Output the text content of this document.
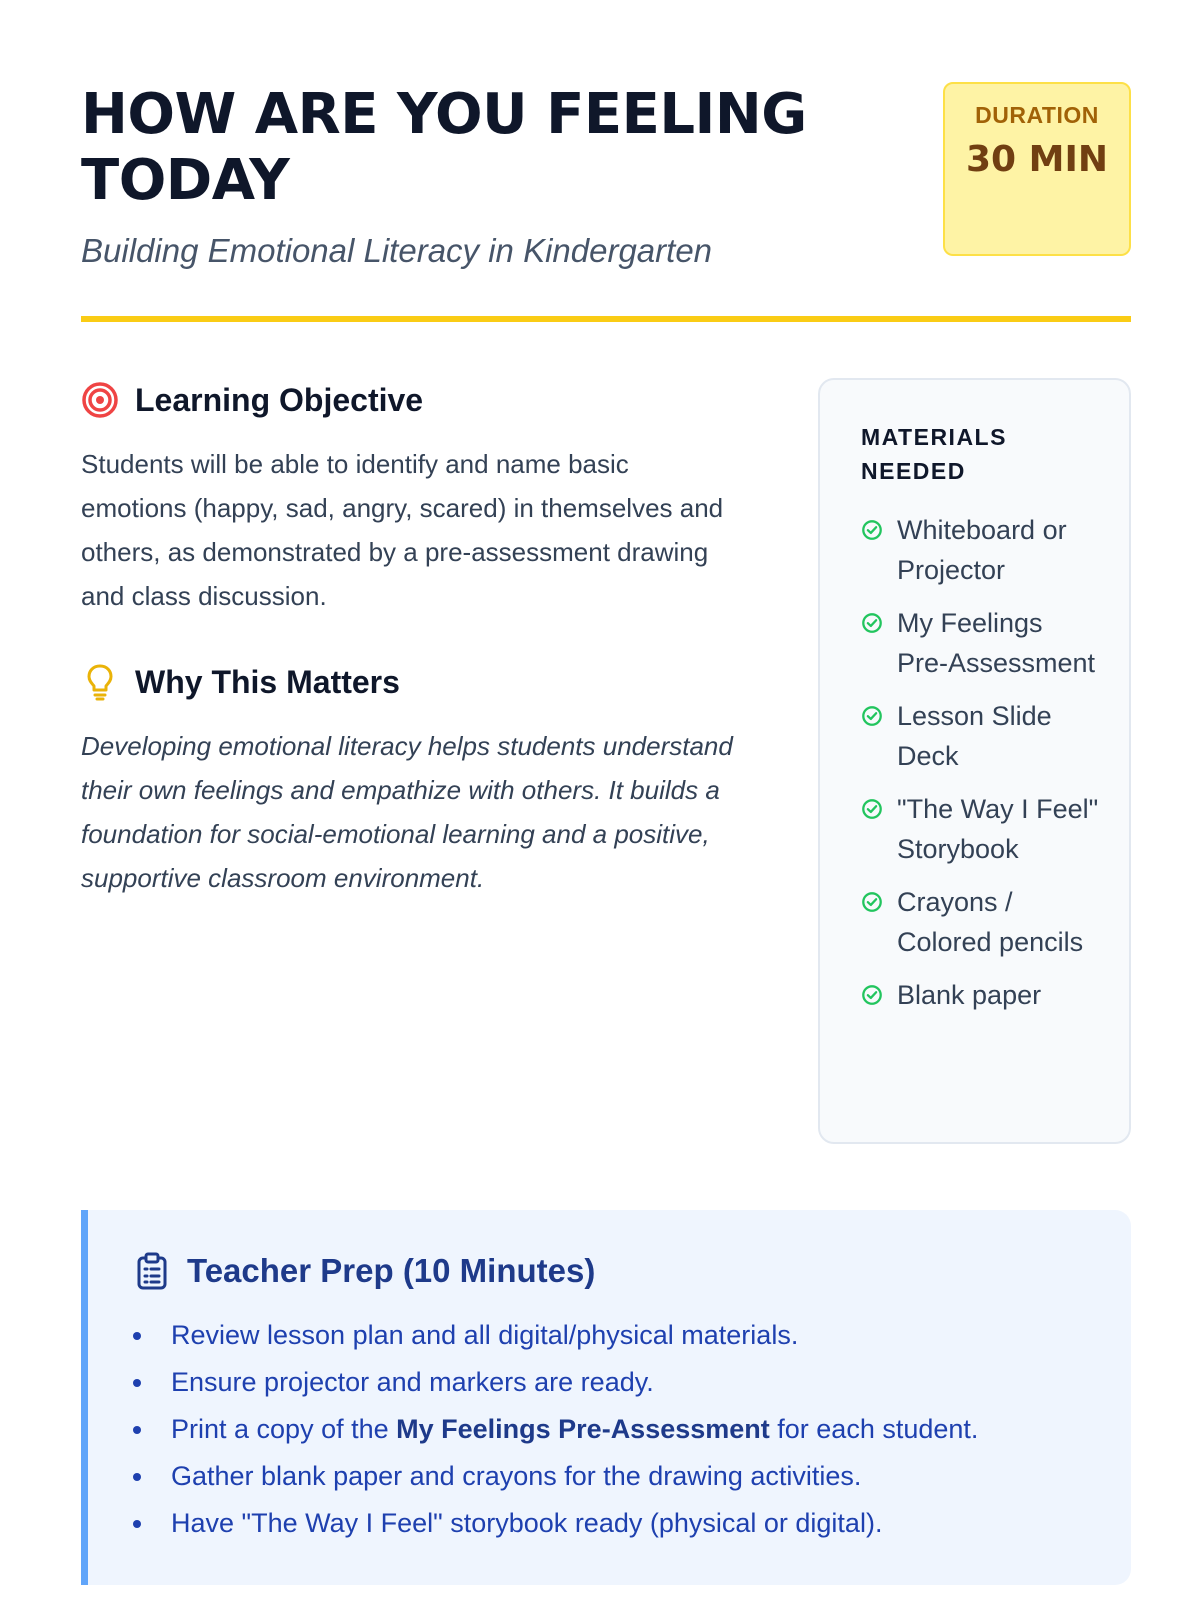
HOW ARE YOU FEELING TODAY
Building Emotional Literacy in Kindergarten
DURATION
30 MIN
Learning Objective

Students will be able to identify and name basic emotions (happy, sad, angry, scared) in themselves and others, as demonstrated by a pre-assessment drawing and class discussion.

Why This Matters

Developing emotional literacy helps students understand their own feelings and empathize with others. It builds a foundation for social-emotional learning and a positive, supportive classroom environment.

MATERIALS NEEDED
Whiteboard or Projector
My Feelings Pre-Assessment
Lesson Slide Deck
"The Way I Feel" Storybook
Crayons / Colored pencils
Blank paper
Teacher Prep (10 Minutes)
Review lesson plan and all digital/physical materials.
Ensure projector and markers are ready.
Print a copy of the My Feelings Pre-Assessment for each student.
Gather blank paper and crayons for the drawing activities.
Have "The Way I Feel" storybook ready (physical or digital).
